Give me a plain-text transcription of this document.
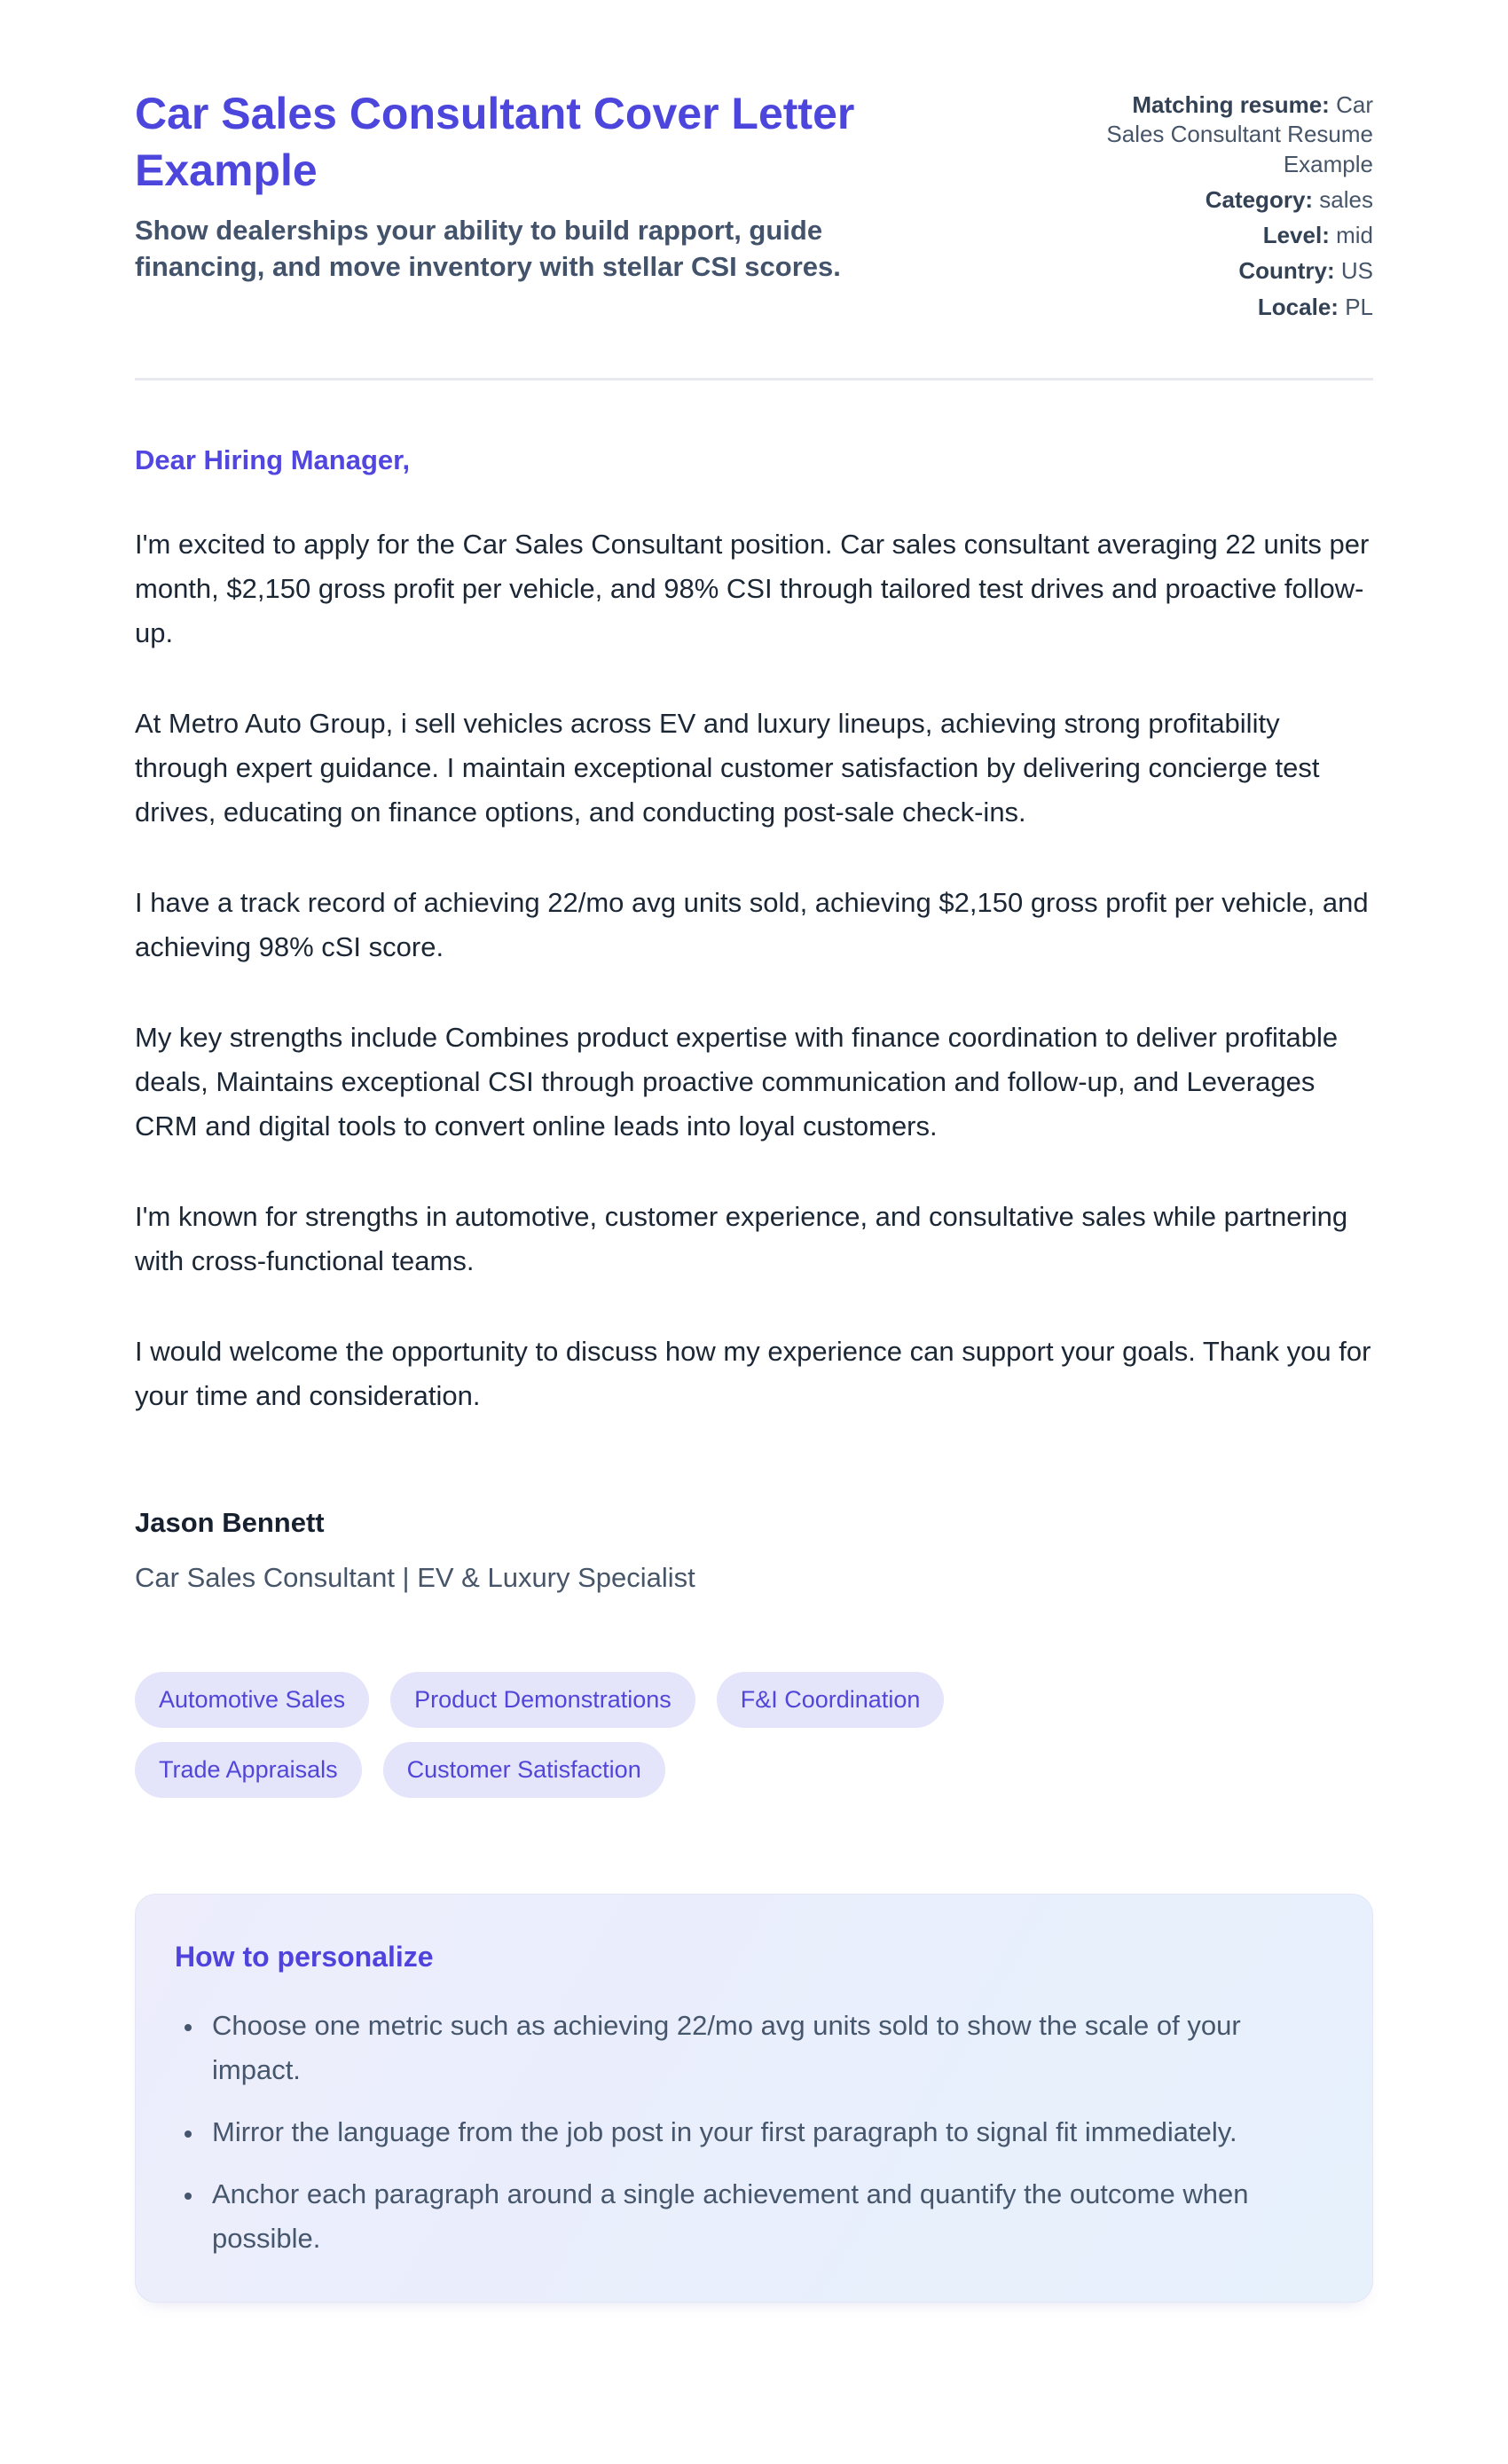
Car Sales Consultant Cover Letter Example

Show dealerships your ability to build rapport, guide financing, and move inventory with stellar CSI scores.

Matching resume: Car Sales Consultant Resume Example
Category: sales
Level: mid
Country: US
Locale: PL

Dear Hiring Manager,

I'm excited to apply for the Car Sales Consultant position. Car sales consultant averaging 22 units per month, $2,150 gross profit per vehicle, and 98% CSI through tailored test drives and proactive follow-up.

At Metro Auto Group, i sell vehicles across EV and luxury lineups, achieving strong profitability through expert guidance. I maintain exceptional customer satisfaction by delivering concierge test drives, educating on finance options, and conducting post-sale check-ins.

I have a track record of achieving 22/mo avg units sold, achieving $2,150 gross profit per vehicle, and achieving 98% cSI score.

My key strengths include Combines product expertise with finance coordination to deliver profitable deals, Maintains exceptional CSI through proactive communication and follow-up, and Leverages CRM and digital tools to convert online leads into loyal customers.

I'm known for strengths in automotive, customer experience, and consultative sales while partnering with cross-functional teams.

I would welcome the opportunity to discuss how my experience can support your goals. Thank you for your time and consideration.

Jason Bennett

Car Sales Consultant | EV & Luxury Specialist

Automotive Sales	Product Demonstrations	F&I Coordination
Trade Appraisals	Customer Satisfaction
How to personalize
• Choose one metric such as achieving 22/mo avg units sold to show the scale of your impact.
• Mirror the language from the job post in your first paragraph to signal fit immediately.
• Anchor each paragraph around a single achievement and quantify the outcome when possible.
